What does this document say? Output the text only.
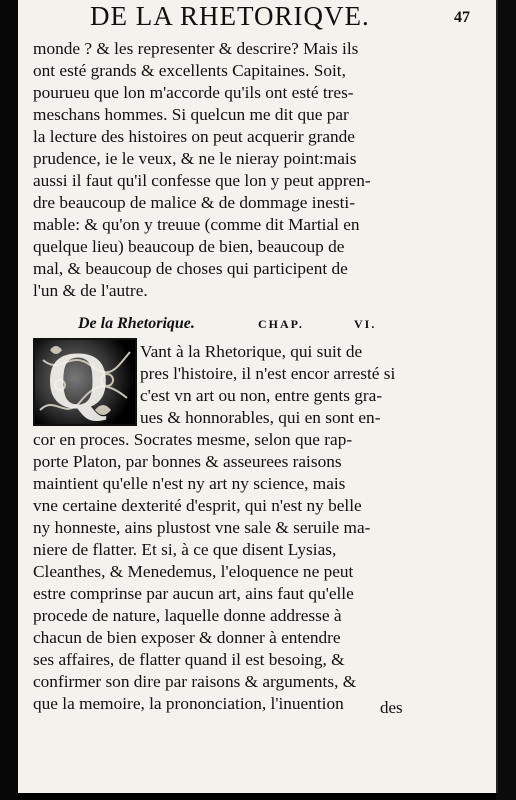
DE LA RHETORIQVE.	47
monde ? & les representer & descrire? Mais ils
ont esté grands & excellents Capitaines. Soit,
pourueu que lon m'accorde qu'ils ont esté tres-
meschans hommes. Si quelcun me dit que par
la lecture des histoires on peut acquerir grande
prudence, ie le veux, & ne le nieray point:mais
aussi il faut qu'il confesse que lon y peut appren-
dre beaucoup de malice & de dommage inesti-
mable: & qu'on y treuue (comme dit Martial en
quelque lieu) beaucoup de bien, beaucoup de
mal, & beaucoup de choses qui participent de
l'un & de l'autre.
De la Rhetorique.	CHAP.	VI.
Q Vant à la Rhetorique, qui suit de
pres l'histoire, il n'est encor arresté si
c'est vn art ou non, entre gents gra-
ues & honnorables, qui en sont en-
cor en proces. Socrates mesme, selon que rap-
porte Platon, par bonnes & asseurees raisons
maintient qu'elle n'est ny art ny science, mais
vne certaine dexterité d'esprit, qui n'est ny belle
ny honneste, ains plustost vne sale & seruile ma-
niere de flatter. Et si, à ce que disent Lysias,
Cleanthes, & Menedemus, l'eloquence ne peut
estre comprinse par aucun art, ains faut qu'elle
procede de nature, laquelle donne addresse à
chacun de bien exposer & donner à entendre
ses affaires, de flatter quand il est besoing, &
confirmer son dire par raisons & arguments, &
que la memoire, la prononciation, l'inuention	des
